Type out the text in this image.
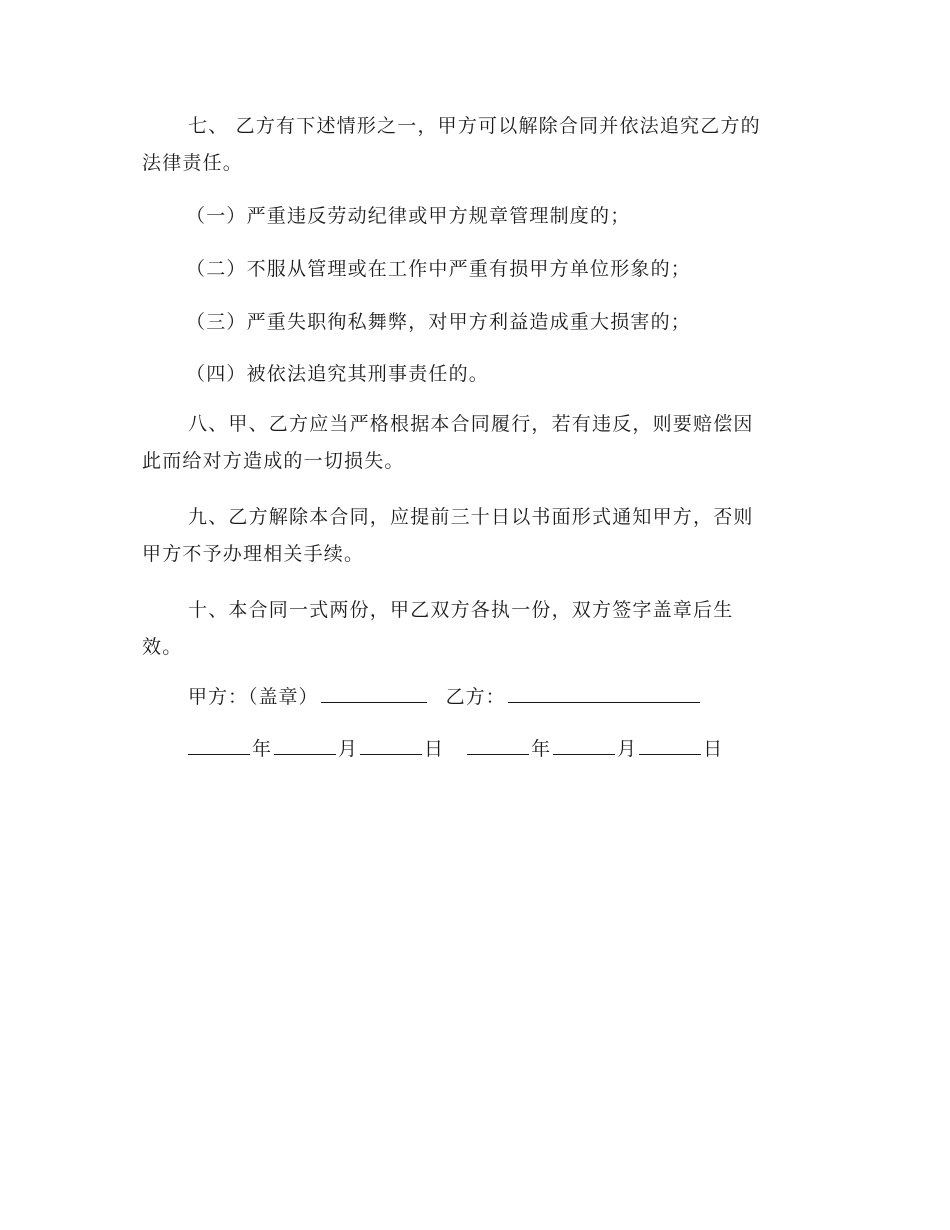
七、 乙方有下述情形之一，甲方可以解除合同并依法追究乙方的
法律责任。

（一）严重违反劳动纪律或甲方规章管理制度的；

（二）不服从管理或在工作中严重有损甲方单位形象的；

（三）严重失职徇私舞弊，对甲方利益造成重大损害的；

（四）被依法追究其刑事责任的。

八、甲、乙方应当严格根据本合同履行，若有违反，则要赔偿因
此而给对方造成的一切损失。
九、乙方解除本合同，应提前三十日以书面形式通知甲方，否则
甲方不予办理相关手续。
十、本合同一式两份，甲乙双方各执一份，双方签字盖章后生
效。

甲方：（盖章）	乙方：

年	月	日	年	月	日
